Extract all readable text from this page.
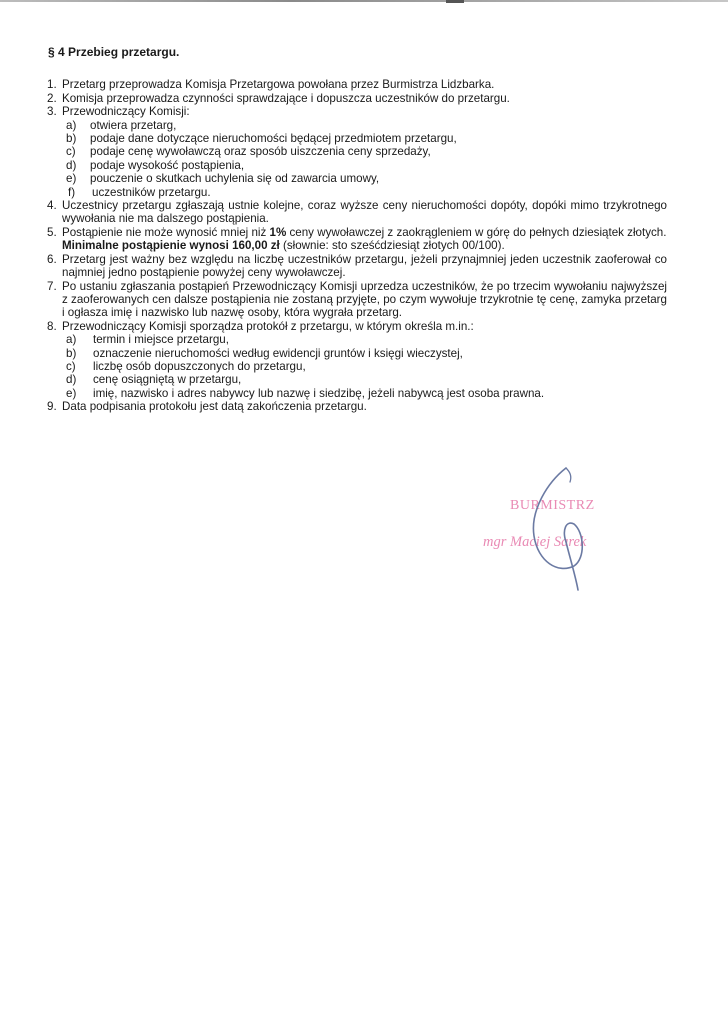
§ 4 Przebieg przetargu.
1. Przetarg przeprowadza Komisja Przetargowa powołana przez Burmistrza Lidzbarka.
2. Komisja przeprowadza czynności sprawdzające i dopuszcza uczestników do przetargu.
3. Przewodniczący Komisji:
a) otwiera przetarg,
b) podaje dane dotyczące nieruchomości będącej przedmiotem przetargu,
c) podaje cenę wywoławczą oraz sposób uiszczenia ceny sprzedaży,
d) podaje wysokość postąpienia,
e) pouczenie o skutkach uchylenia się od zawarcia umowy,
f) uczestników przetargu.
4. Uczestnicy przetargu zgłaszają ustnie kolejne, coraz wyższe ceny nieruchomości dopóty, dopóki mimo trzykrotnego wywołania nie ma dalszego postąpienia.
5. Postąpienie nie może wynosić mniej niż 1% ceny wywoławczej z zaokrągleniem w górę do pełnych dziesiątek złotych.
Minimalne postąpienie wynosi 160,00 zł (słownie: sto sześćdziesiąt złotych 00/100).
6. Przetarg jest ważny bez względu na liczbę uczestników przetargu, jeżeli przynajmniej jeden uczestnik zaoferował co najmniej jedno postąpienie powyżej ceny wywoławczej.
7. Po ustaniu zgłaszania postąpień Przewodniczący Komisji uprzedza uczestników, że po trzecim wywołaniu najwyższej z zaoferowanych cen dalsze postąpienia nie zostaną przyjęte, po czym wywołuje trzykrotnie tę cenę, zamyka przetarg i ogłasza imię i nazwisko lub nazwę osoby, która wygrała przetarg.
8. Przewodniczący Komisji sporządza protokół z przetargu, w którym określa m.in.:
a) termin i miejsce przetargu,
b) oznaczenie nieruchomości według ewidencji gruntów i księgi wieczystej,
c) liczbę osób dopuszczonych do przetargu,
d) cenę osiągniętą w przetargu,
e) imię, nazwisko i adres nabywcy lub nazwę i siedzibę, jeżeli nabywcą jest osoba prawna.
9. Data podpisania protokołu jest datą zakończenia przetargu.
BURMISTRZ
mgr Maciej Sarek
